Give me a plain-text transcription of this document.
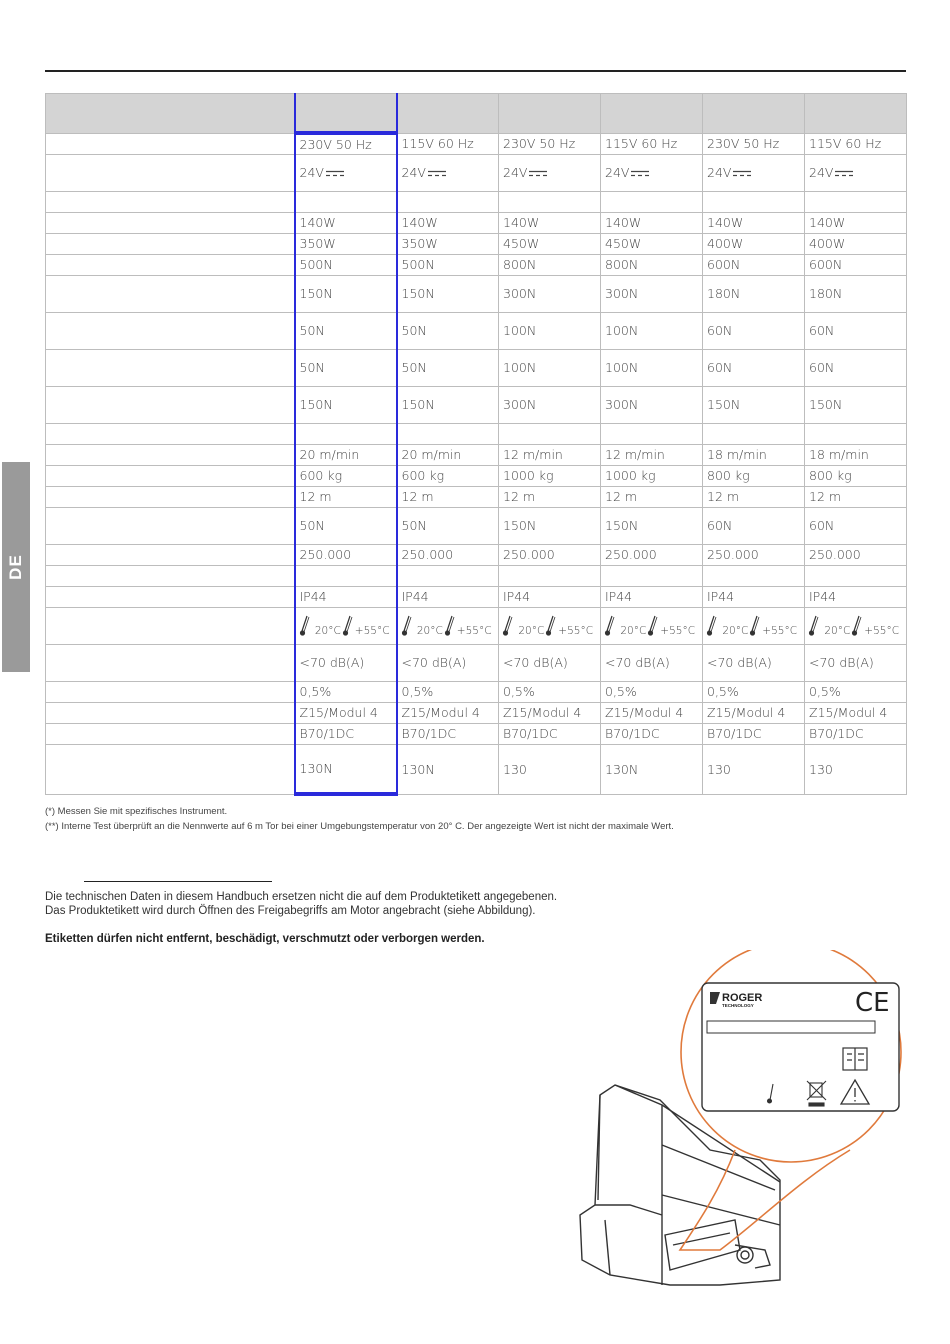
DE

	230V 50 Hz	115V 60 Hz	230V 50 Hz	115V 60 Hz	230V 50 Hz	115V 60 Hz
	24V	24V	24V	24V	24V	24V

	140W	140W	140W	140W	140W	140W
	350W	350W	450W	450W	400W	400W
	500N	500N	800N	800N	600N	600N
	150N	150N	300N	300N	180N	180N
	50N	50N	100N	100N	60N	60N
	50N	50N	100N	100N	60N	60N
	150N	150N	300N	300N	150N	150N

	20 m/min	20 m/min	12 m/min	12 m/min	18 m/min	18 m/min
	600 kg	600 kg	1000 kg	1000 kg	800 kg	800 kg
	12 m	12 m	12 m	12 m	12 m	12 m
	50N	50N	150N	150N	60N	60N
	250.000	250.000	250.000	250.000	250.000	250.000

	IP44	IP44	IP44	IP44	IP44	IP44
	20°C +55°C	20°C +55°C	20°C +55°C	20°C +55°C	20°C +55°C	20°C +55°C
	<70 dB(A)	<70 dB(A)	<70 dB(A)	<70 dB(A)	<70 dB(A)	<70 dB(A)
	0,5%	0,5%	0,5%	0,5%	0,5%	0,5%
	Z15/Modul 4	Z15/Modul 4	Z15/Modul 4	Z15/Modul 4	Z15/Modul 4	Z15/Modul 4
	B70/1DC	B70/1DC	B70/1DC	B70/1DC	B70/1DC	B70/1DC
	130N	130N	130	130N	130	130
(*) Messen Sie mit spezifisches Instrument.
(**) Interne Test überprüft an die Nennwerte auf 6 m Tor bei einer Umgebungstemperatur von 20° C. Der angezeigte Wert ist nicht der maximale Wert.
Die technischen Daten in diesem Handbuch ersetzen nicht die auf dem Produktetikett angegebenen.
Das Produktetikett wird durch Öffnen des Freigabegriffs am Motor angebracht (siehe Abbildung).
Etiketten dürfen nicht entfernt, beschädigt, verschmutzt oder verborgen werden.
ROGER
TECHNOLOGY	CE
